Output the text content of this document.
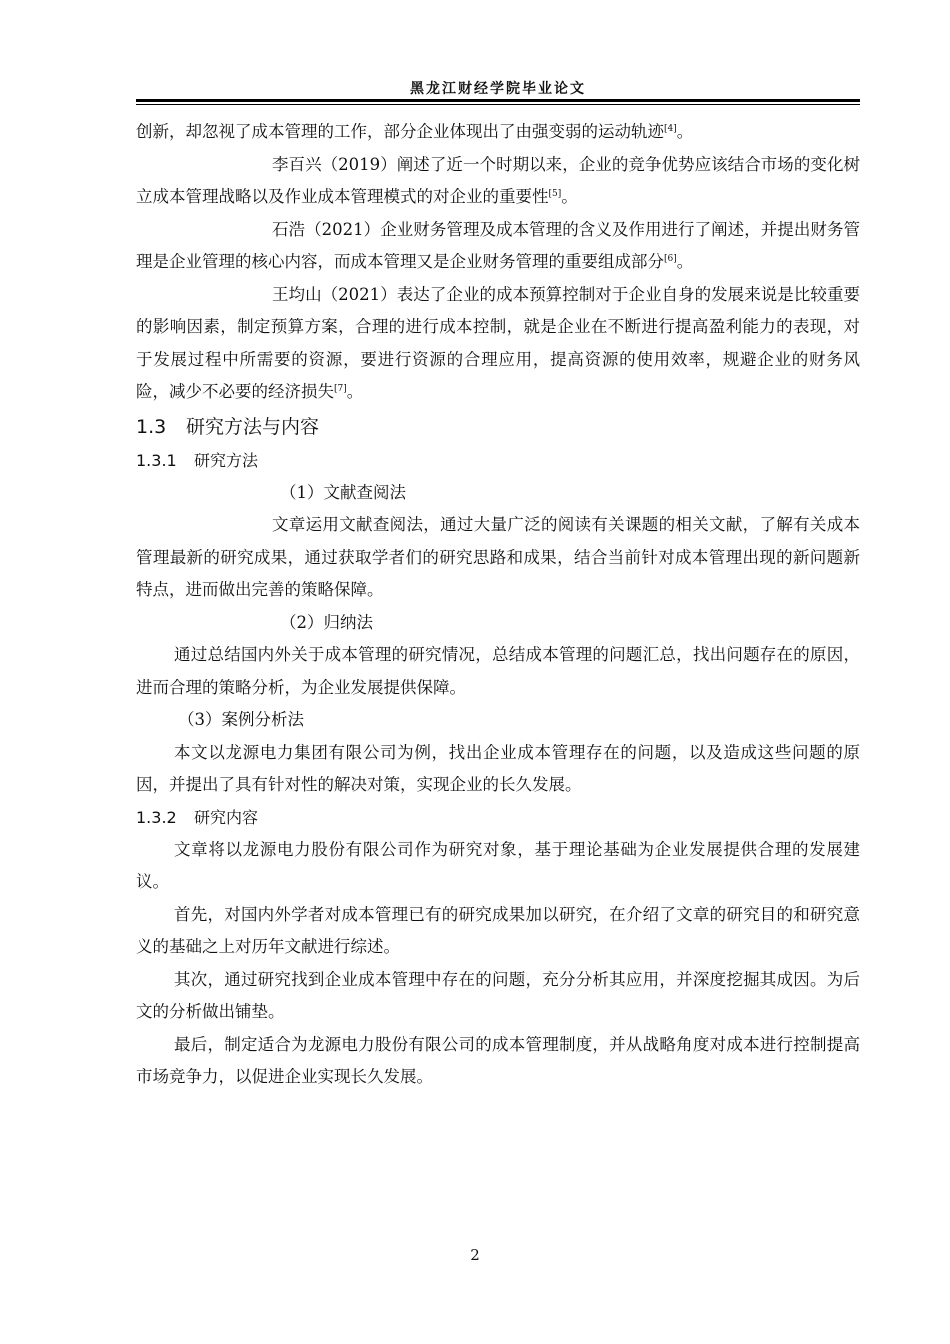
黑龙江财经学院毕业论文

创新，却忽视了成本管理的工作，部分企业体现出了由强变弱的运动轨迹[4]。

李百兴（2019）阐述了近一个时期以来，企业的竞争优势应该结合市场的变化树立成本管理战略以及作业成本管理模式的对企业的重要性[5]。

石浩（2021）企业财务管理及成本管理的含义及作用进行了阐述，并提出财务管理是企业管理的核心内容，而成本管理又是企业财务管理的重要组成部分[6]。

王均山（2021）表达了企业的成本预算控制对于企业自身的发展来说是比较重要的影响因素，制定预算方案，合理的进行成本控制，就是企业在不断进行提高盈利能力的表现，对于发展过程中所需要的资源，要进行资源的合理应用，提高资源的使用效率，规避企业的财务风险，减少不必要的经济损失[7]。

1.3 研究方法与内容
1.3.1 研究方法

（1）文献查阅法

文章运用文献查阅法，通过大量广泛的阅读有关课题的相关文献，了解有关成本管理最新的研究成果，通过获取学者们的研究思路和成果，结合当前针对成本管理出现的新问题新特点，进而做出完善的策略保障。

（2）归纳法

通过总结国内外关于成本管理的研究情况，总结成本管理的问题汇总，找出问题存在的原因，进而合理的策略分析，为企业发展提供保障。

（3）案例分析法

本文以龙源电力集团有限公司为例，找出企业成本管理存在的问题，以及造成这些问题的原因，并提出了具有针对性的解决对策，实现企业的长久发展。

1.3.2 研究内容

文章将以龙源电力股份有限公司作为研究对象，基于理论基础为企业发展提供合理的发展建议。

首先，对国内外学者对成本管理已有的研究成果加以研究，在介绍了文章的研究目的和研究意义的基础之上对历年文献进行综述。

其次，通过研究找到企业成本管理中存在的问题，充分分析其应用，并深度挖掘其成因。为后文的分析做出铺垫。

最后，制定适合为龙源电力股份有限公司的成本管理制度，并从战略角度对成本进行控制提高市场竞争力，以促进企业实现长久发展。

2
